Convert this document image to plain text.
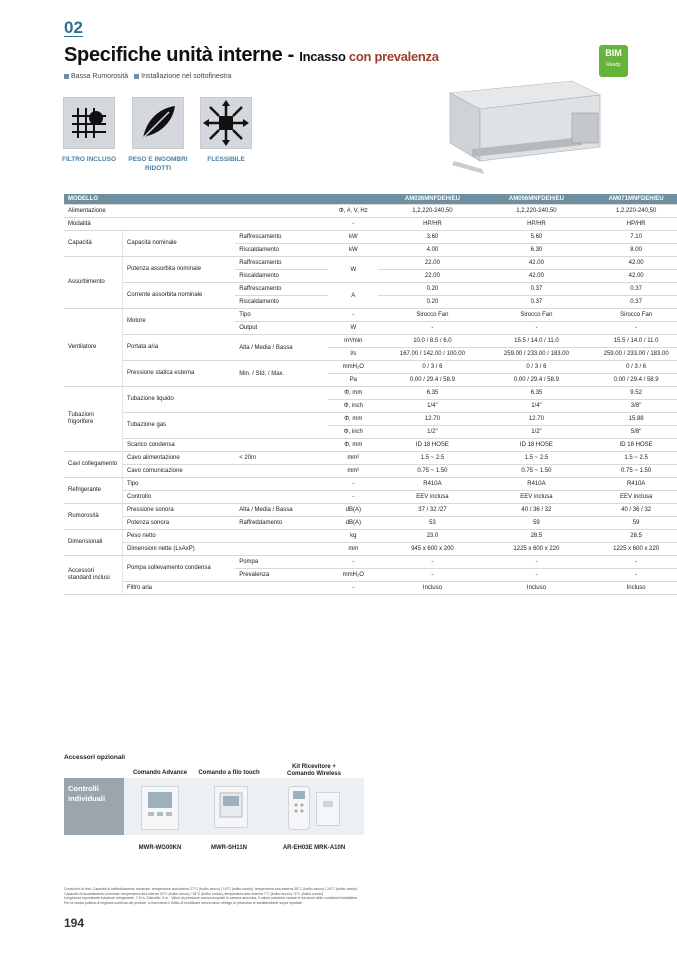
02
Specifiche unità interne - Incasso con prevalenza
Bassa Rumorosità Installazione nel sottofinestra
FILTRO INCLUSO	PESO E INGOMBRI RIDOTTI
FLESSIBILE
BIM
Ready
MODELLO				AM036MNFDEH/EU	AM056MNFDEH/EU	AM071MNFDEH/EU
Alimentazione			Φ, #, V, Hz	1,2,220-240,50	1,2,220-240,50	1,2,220-240,50
Modalità			-	HP/HR	HP/HR	HP/HR
Capacità	Capacità nominale	Raffrescamento	kW	3.60	5.60	7.10
		Riscaldamento	kW	4.00	6.30	8.00
Assorbimento	Potenza assorbita nominale	Raffrescamento	W	22.00	42.00	42.00
		Riscaldamento		22.00	42.00	42.00
	Corrente assorbita nominale	Raffrescamento	A	0.20	0.37	0.37
		Riscaldamento		0.20	0.37	0.37
Ventilatore	Motore	Tipo	-	Sirocco Fan	Sirocco Fan	Sirocco Fan
		Output	W	-	-	-
	Portata aria	Alta / Media / Bassa	m³/min	10.0 / 8.5 / 6.0	15.5 / 14.0 / 11.0	15.5 / 14.0 / 11.0
			l/s	167.00 / 142.00 / 100.00	259.00 / 233.00 / 183.00	259.00 / 233.00 / 183.00
	Pressione statica esterna	Min. / Std. / Max.	mmH₂O	0 / 3 / 6	0 / 3 / 6	0 / 3 / 6
			Pa	0.00 / 29.4 / 58.9	0.00 / 29.4 / 58.9	0.00 / 29.4 / 58.9
Tubazioni frigorifere	Tubazione liquido		Φ, mm	6.35	6.35	9.52
			Φ, inch	1/4"	1/4"	3/8"
	Tubazione gas		Φ, mm	12.70	12.70	15.88
			Φ, inch	1/2"	1/2"	5/8"
	Scarico condensa		Φ, mm	ID 18 HOSE	ID 18 HOSE	ID 18 HOSE
Cavi collegamento	Cavo alimentazione	< 20m	mm²	1.5 ~ 2.5	1.5 ~ 2.5	1.5 ~ 2.5
	Cavo comunicazione		mm²	0.75 ~ 1.50	0.75 ~ 1.50	0.75 ~ 1.50
Refrigerante	Tipo		-	R410A	R410A	R410A
	Controllo		-	EEV inclusa	EEV inclusa	EEV inclusa
Rumorosità	Pressione sonora	Alta / Media / Bassa	dB(A)	37 / 32 /27	40 / 36 / 32	40 / 36 / 32
	Potenza sonora	Raffreddamento	dB(A)	53	59	59
Dimensionali	Peso netto		kg	23.0	28.5	28.5
	Dimensioni nette (LxAxP)		mm	945 x 600 x 200	1225 x 600 x 220	1225 x 600 x 220
Accessori standard inclusi	Pompa sollevamento condensa	Pompa	-	-	-	-
		Prevalenza	mmH₂O	-	-	-
	Filtro aria		-	Incluso	Incluso	Incluso
Accessori opzionali
Controlli individuali
Comando Advance	Comando a filo touch
Kit Ricevitore + Comando Wireless
MWR-WG00KN	MWR-SH11N	AR-EH03E MRK-A10N
Condizioni di test: Capacità di raffreddamento nominale: temperatura aria interna 27°C (bulbo secco) / 19°C (bulbo umido), temperatura aria esterna 35°C (bulbo secco) / 24°C (bulbo umido)
Capacità di riscaldamento nominale: temperatura aria interna 20°C (bulbo secco) / 15°C (bulbo umido), temperatura aria esterna 7°C (bulbo secco) / 6°C (bulbo umido)
Lunghezza equivalente tubazioni refrigerante: 7.5 m, Dislivello: 0 m · Valori di pressione sonora acquisiti in camera anecoica, il valore potrebbe variare in funzione delle condizioni installative.
Per la nostra politica di miglioria continua dei prodotti, ci riserviamo il diritto di modificare senza alcun obbligo di preavviso le caratteristiche sopra riportate.
194
